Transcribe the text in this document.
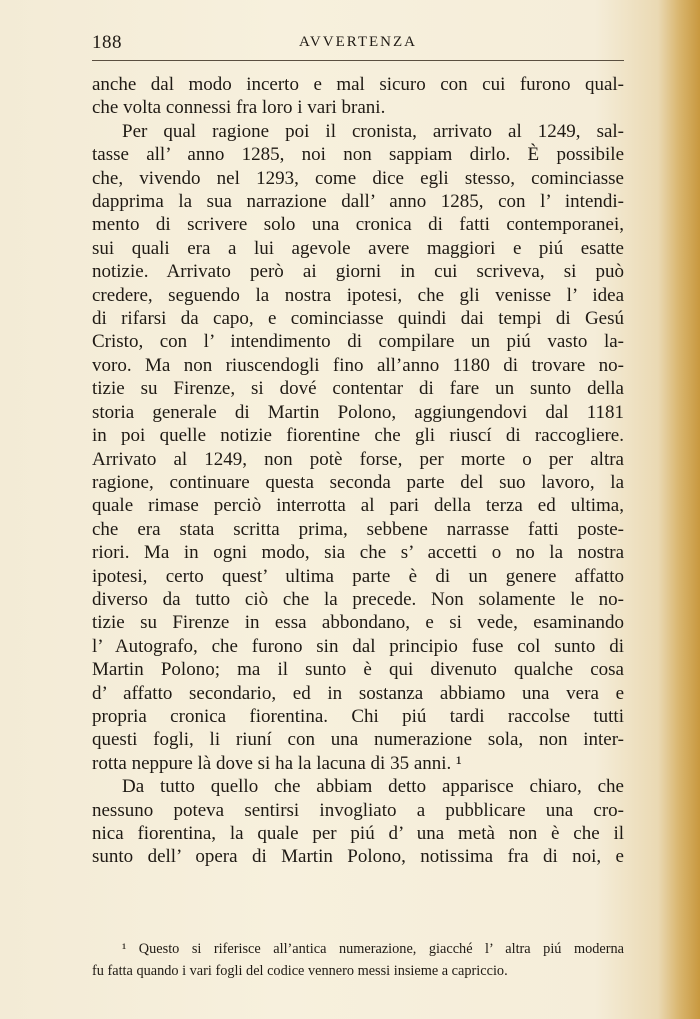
188	AVVERTENZA
anche dal modo incerto e mal sicuro con cui furono qual-
che volta connessi fra loro i vari brani.
Per qual ragione poi il cronista, arrivato al 1249, sal-
tasse all’ anno 1285, noi non sappiam dirlo. È possibile
che, vivendo nel 1293, come dice egli stesso, cominciasse
dapprima la sua narrazione dall’ anno 1285, con l’ intendi-
mento di scrivere solo una cronica di fatti contemporanei,
sui quali era a lui agevole avere maggiori e piú esatte
notizie. Arrivato però ai giorni in cui scriveva, si può
credere, seguendo la nostra ipotesi, che gli venisse l’ idea
di rifarsi da capo, e cominciasse quindi dai tempi di Gesú
Cristo, con l’ intendimento di compilare un piú vasto la-
voro. Ma non riuscendogli fino all’anno 1180 di trovare no-
tizie su Firenze, si dové contentar di fare un sunto della
storia generale di Martin Polono, aggiungendovi dal 1181
in poi quelle notizie fiorentine che gli riuscí di raccogliere.
Arrivato al 1249, non potè forse, per morte o per altra
ragione, continuare questa seconda parte del suo lavoro, la
quale rimase perciò interrotta al pari della terza ed ultima,
che era stata scritta prima, sebbene narrasse fatti poste-
riori. Ma in ogni modo, sia che s’ accetti o no la nostra
ipotesi, certo quest’ ultima parte è di un genere affatto
diverso da tutto ciò che la precede. Non solamente le no-
tizie su Firenze in essa abbondano, e si vede, esaminando
l’ Autografo, che furono sin dal principio fuse col sunto di
Martin Polono; ma il sunto è qui divenuto qualche cosa
d’ affatto secondario, ed in sostanza abbiamo una vera e
propria cronica fiorentina. Chi piú tardi raccolse tutti
questi fogli, li riuní con una numerazione sola, non inter-
rotta neppure là dove si ha la lacuna di 35 anni. ¹
Da tutto quello che abbiam detto apparisce chiaro, che
nessuno poteva sentirsi invogliato a pubblicare una cro-
nica fiorentina, la quale per piú d’ una metà non è che il
sunto dell’ opera di Martin Polono, notissima fra di noi, e
¹ Questo si riferisce all’antica numerazione, giacché l’ altra piú moderna
fu fatta quando i vari fogli del codice vennero messi insieme a capriccio.
